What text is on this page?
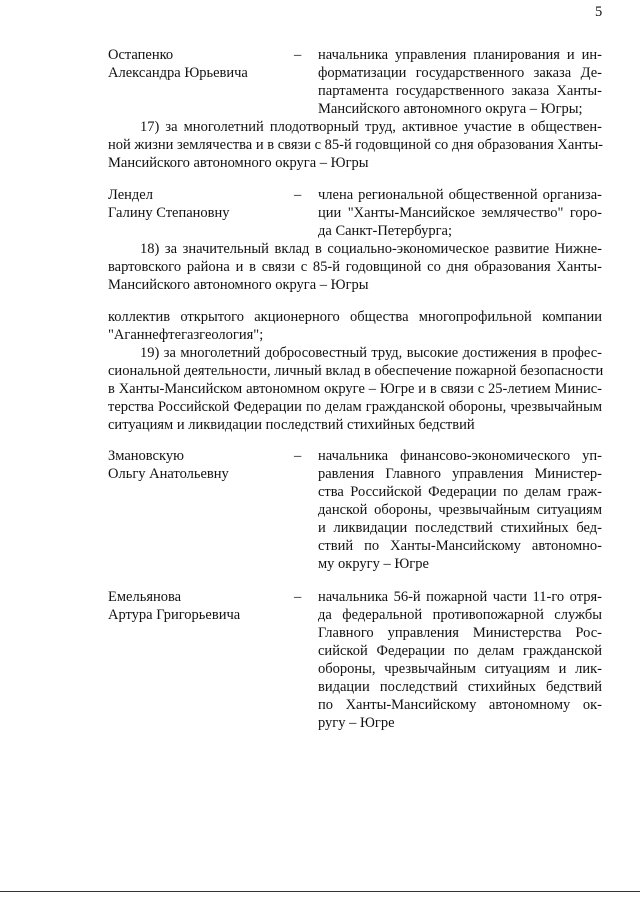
5
Остапенко
Александра Юрьевича
– начальника управления планирования и ин-
форматизации государственного заказа Де-
партамента государственного заказа Ханты-
Мансийского автономного округа – Югры;
17) за многолетний плодотворный труд, активное участие в обществен-
ной жизни землячества и в связи с 85-й годовщиной со дня образования Ханты-
Мансийского автономного округа – Югры
Лендел
Галину Степановну
– члена региональной общественной организа-
ции "Ханты-Мансийское землячество" горо-
да Санкт-Петербурга;
18) за значительный вклад в социально-экономическое развитие Нижне-
вартовского района и в связи с 85-й годовщиной со дня образования Ханты-
Мансийского автономного округа – Югры
коллектив открытого акционерного общества многопрофильной компании
"Аганнефтегазгеология";
19) за многолетний добросовестный труд, высокие достижения в профес-
сиональной деятельности, личный вклад в обеспечение пожарной безопасности
в Ханты-Мансийском автономном округе – Югре и в связи с 25-летием Минис-
терства Российской Федерации по делам гражданской обороны, чрезвычайным
ситуациям и ликвидации последствий стихийных бедствий
Змановскую
Ольгу Анатольевну
– начальника финансово-экономического уп-
равления Главного управления Министер-
ства Российской Федерации по делам граж-
данской обороны, чрезвычайным ситуациям
и ликвидации последствий стихийных бед-
ствий по Ханты-Мансийскому автономно-
му округу – Югре
Емельянова
Артура Григорьевича
– начальника 56-й пожарной части 11-го отря-
да федеральной противопожарной службы
Главного управления Министерства Рос-
сийской Федерации по делам гражданской
обороны, чрезвычайным ситуациям и лик-
видации последствий стихийных бедствий
по Ханты-Мансийскому автономному ок-
ругу – Югре
